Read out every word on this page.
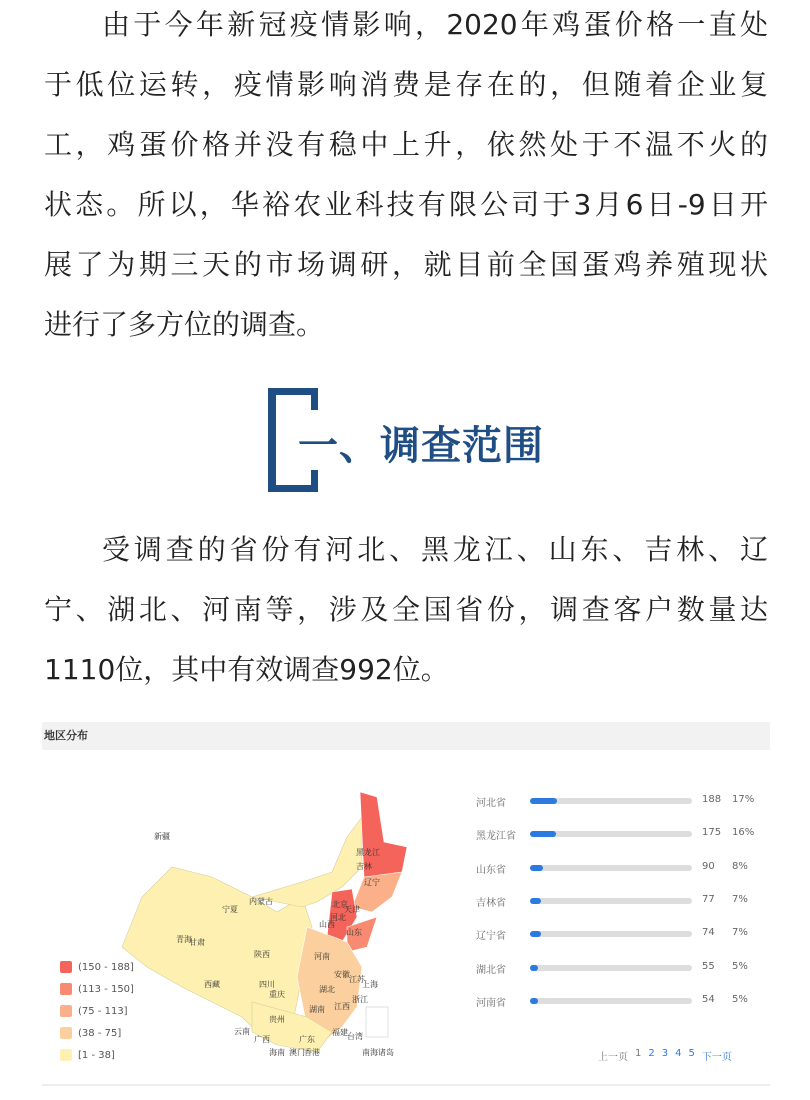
由于今年新冠疫情影响，2020年鸡蛋价格一直处
于低位运转，疫情影响消费是存在的，但随着企业复
工，鸡蛋价格并没有稳中上升，依然处于不温不火的
状态。所以，华裕农业科技有限公司于3月6日-9日开
展了为期三天的市场调研，就目前全国蛋鸡养殖现状
进行了多方位的调查。
一、调查范围
受调查的省份有河北、黑龙江、山东、吉林、辽
宁、湖北、河南等，涉及全国省份，调查客户数量达
1110位，其中有效调查992位。
地区分布
新疆
西藏
青海
甘肃
宁夏
内蒙古
黑龙江
吉林
辽宁
北京
天津
河北
山西
山东
陕西	河南
四川
重庆
湖北
安徽
江苏
上海
浙江
湖南 江西
贵州
云南
广西	广东
福建 台湾
香港
澳门
海南	南海诸岛
(150 - 188]
(113 - 150]
(75 - 113]
(38 - 75]
[1 - 38]
河北省	188 17%
黑龙江省	175 16%
山东省	90 8%
吉林省	77 7%
辽宁省	74 7%
湖北省	55 5%
河南省	54 5%
上一页 1 2 3 4 5 下一页
